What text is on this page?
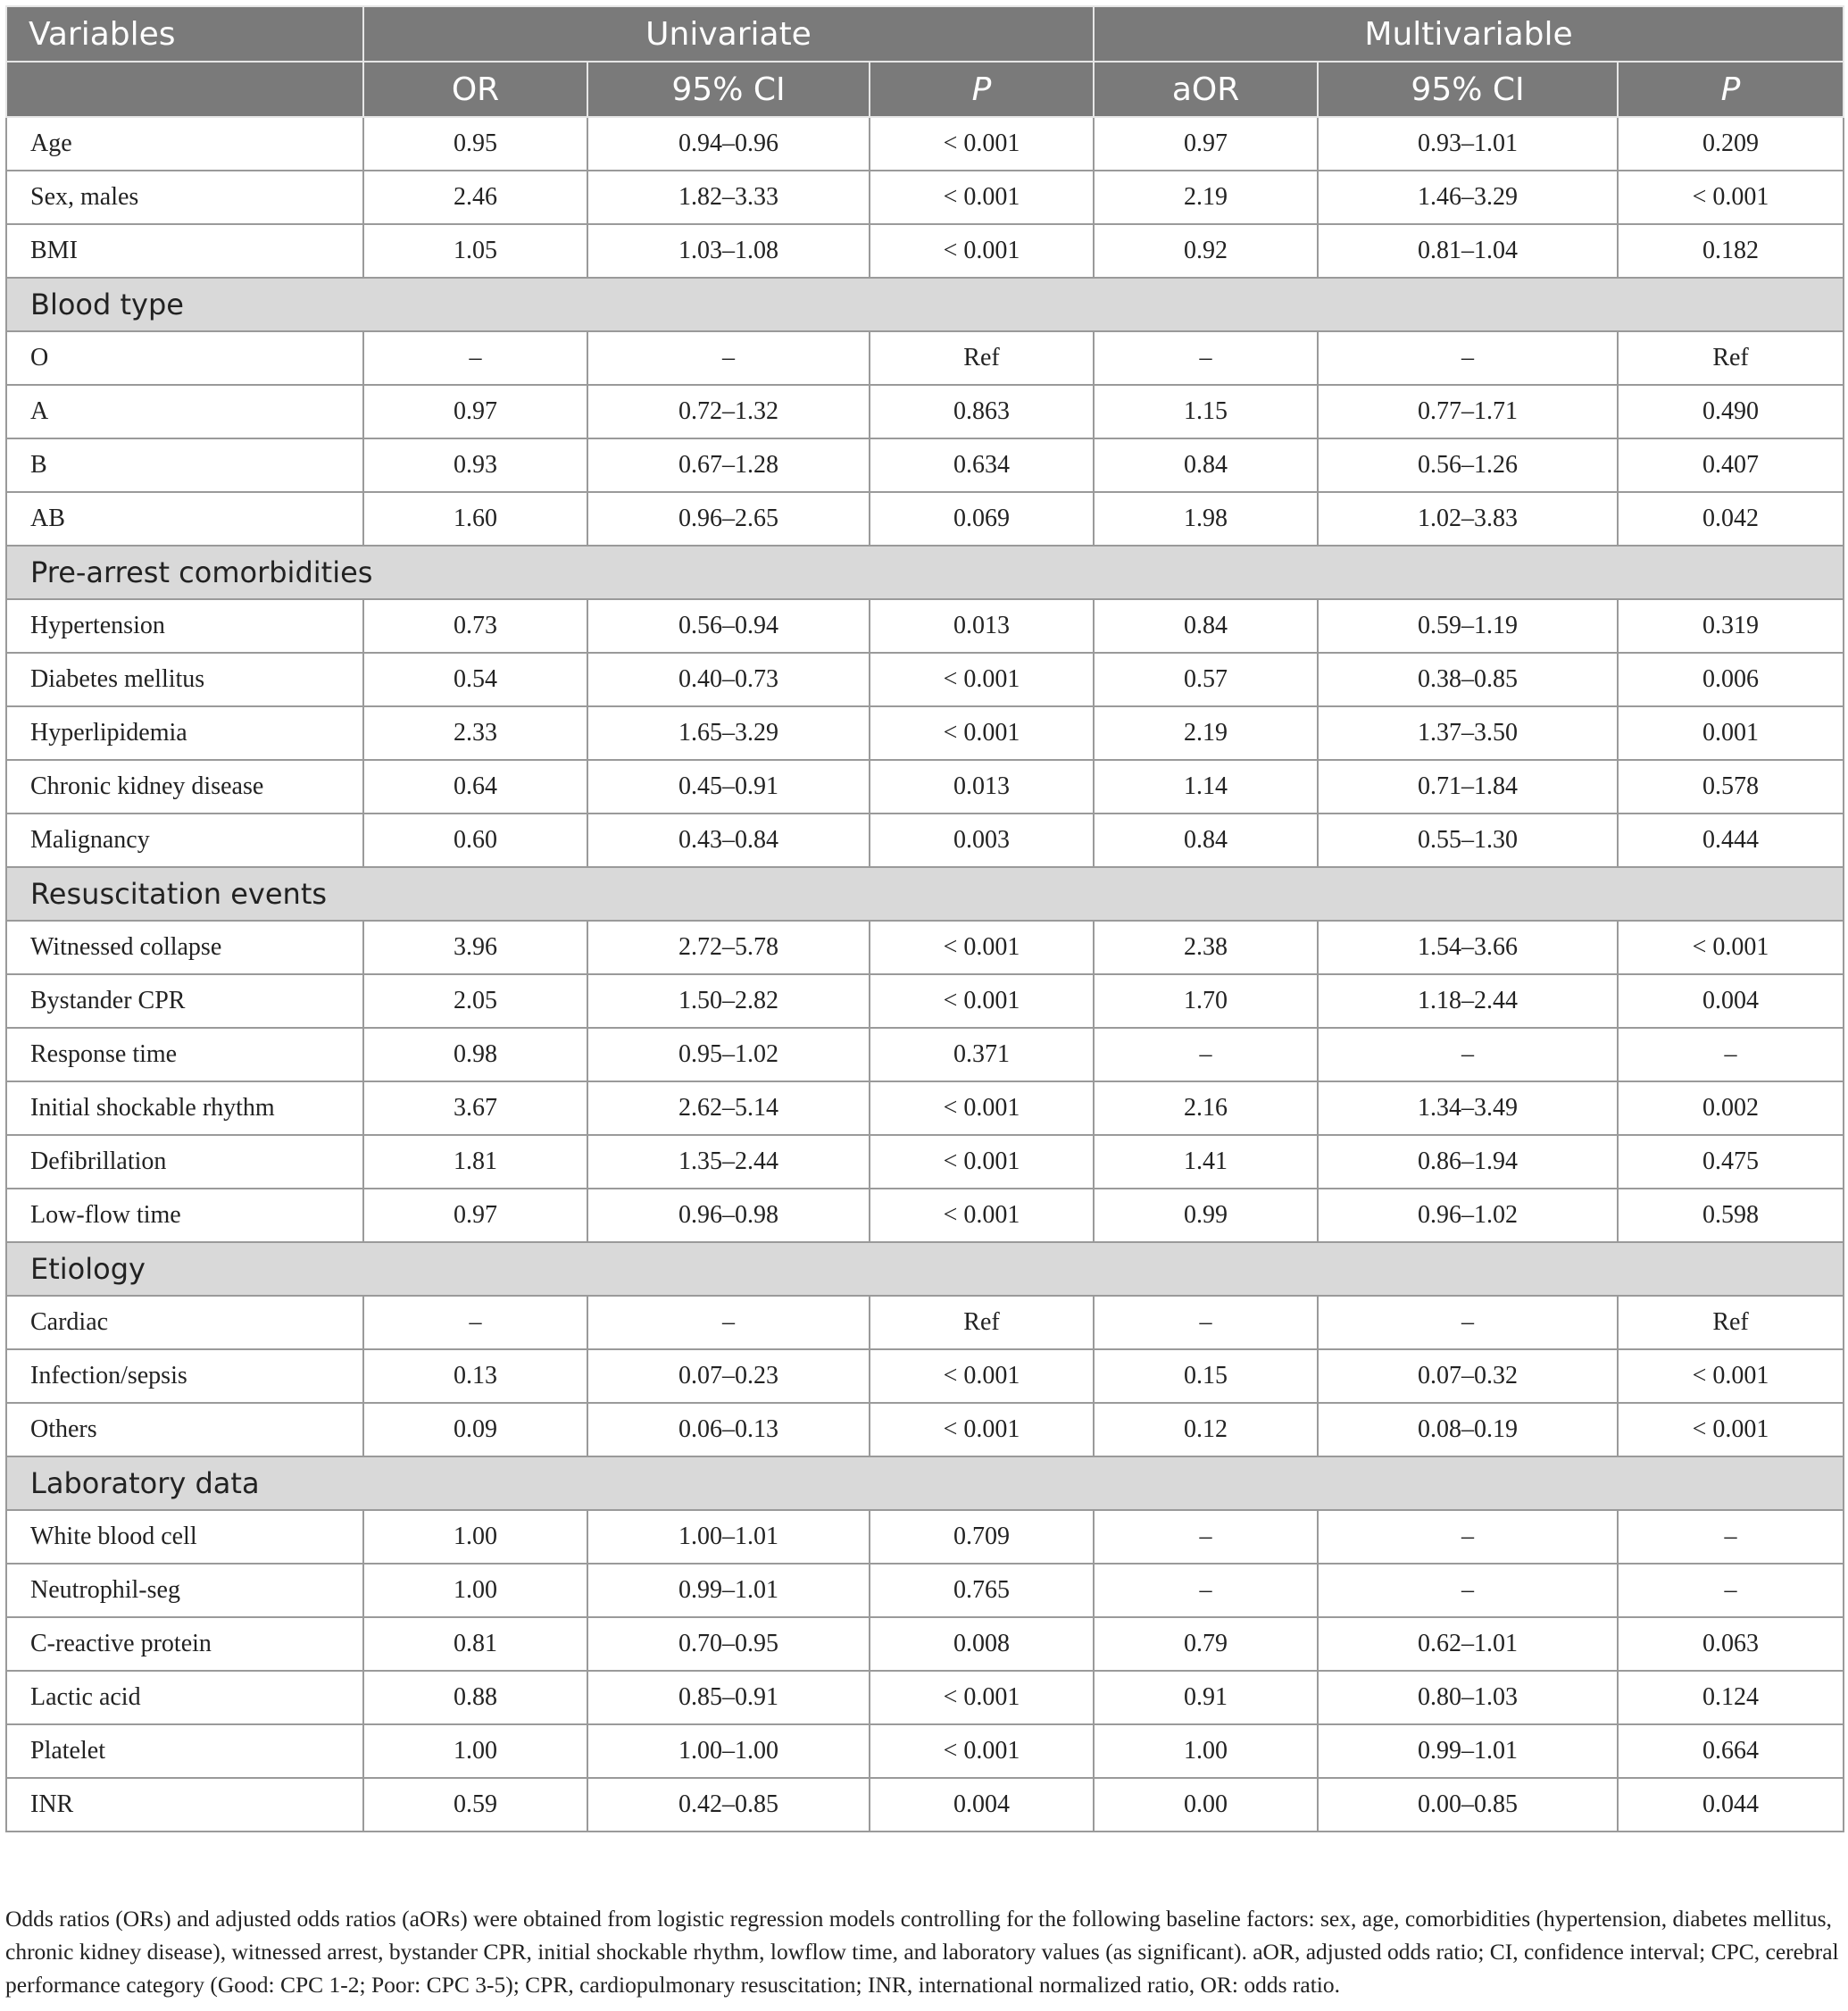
Variables	Univariate			Multivariable		
	OR	95% CI	P	aOR	95% CI	P
Age	0.95	0.94–0.96	< 0.001	0.97	0.93–1.01	0.209
Sex, males	2.46	1.82–3.33	< 0.001	2.19	1.46–3.29	< 0.001
BMI	1.05	1.03–1.08	< 0.001	0.92	0.81–1.04	0.182
Blood type						
O	–	–	Ref	–	–	Ref
A	0.97	0.72–1.32	0.863	1.15	0.77–1.71	0.490
B	0.93	0.67–1.28	0.634	0.84	0.56–1.26	0.407
AB	1.60	0.96–2.65	0.069	1.98	1.02–3.83	0.042
Pre-arrest comorbidities						
Hypertension	0.73	0.56–0.94	0.013	0.84	0.59–1.19	0.319
Diabetes mellitus	0.54	0.40–0.73	< 0.001	0.57	0.38–0.85	0.006
Hyperlipidemia	2.33	1.65–3.29	< 0.001	2.19	1.37–3.50	0.001
Chronic kidney disease	0.64	0.45–0.91	0.013	1.14	0.71–1.84	0.578
Malignancy	0.60	0.43–0.84	0.003	0.84	0.55–1.30	0.444
Resuscitation events						
Witnessed collapse	3.96	2.72–5.78	< 0.001	2.38	1.54–3.66	< 0.001
Bystander CPR	2.05	1.50–2.82	< 0.001	1.70	1.18–2.44	0.004
Response time	0.98	0.95–1.02	0.371	–	–	–
Initial shockable rhythm	3.67	2.62–5.14	< 0.001	2.16	1.34–3.49	0.002
Defibrillation	1.81	1.35–2.44	< 0.001	1.41	0.86–1.94	0.475
Low-flow time	0.97	0.96–0.98	< 0.001	0.99	0.96–1.02	0.598
Etiology						
Cardiac	–	–	Ref	–	–	Ref
Infection/sepsis	0.13	0.07–0.23	< 0.001	0.15	0.07–0.32	< 0.001
Others	0.09	0.06–0.13	< 0.001	0.12	0.08–0.19	< 0.001
Laboratory data						
White blood cell	1.00	1.00–1.01	0.709	–	–	–
Neutrophil-seg	1.00	0.99–1.01	0.765	–	–	–
C-reactive protein	0.81	0.70–0.95	0.008	0.79	0.62–1.01	0.063
Lactic acid	0.88	0.85–0.91	< 0.001	0.91	0.80–1.03	0.124
Platelet	1.00	1.00–1.00	< 0.001	1.00	0.99–1.01	0.664
INR	0.59	0.42–0.85	0.004	0.00	0.00–0.85	0.044
Odds ratios (ORs) and adjusted odds ratios (aORs) were obtained from logistic regression models controlling for the following baseline factors: sex, age, comorbidities (hypertension, diabetes mellitus, chronic kidney disease), witnessed arrest, bystander CPR, initial shockable rhythm, lowflow time, and laboratory values (as significant). aOR, adjusted odds ratio; CI, confidence interval; CPC, cerebral performance category (Good: CPC 1-2; Poor: CPC 3-5); CPR, cardiopulmonary resuscitation; INR, international normalized ratio, OR: odds ratio.
